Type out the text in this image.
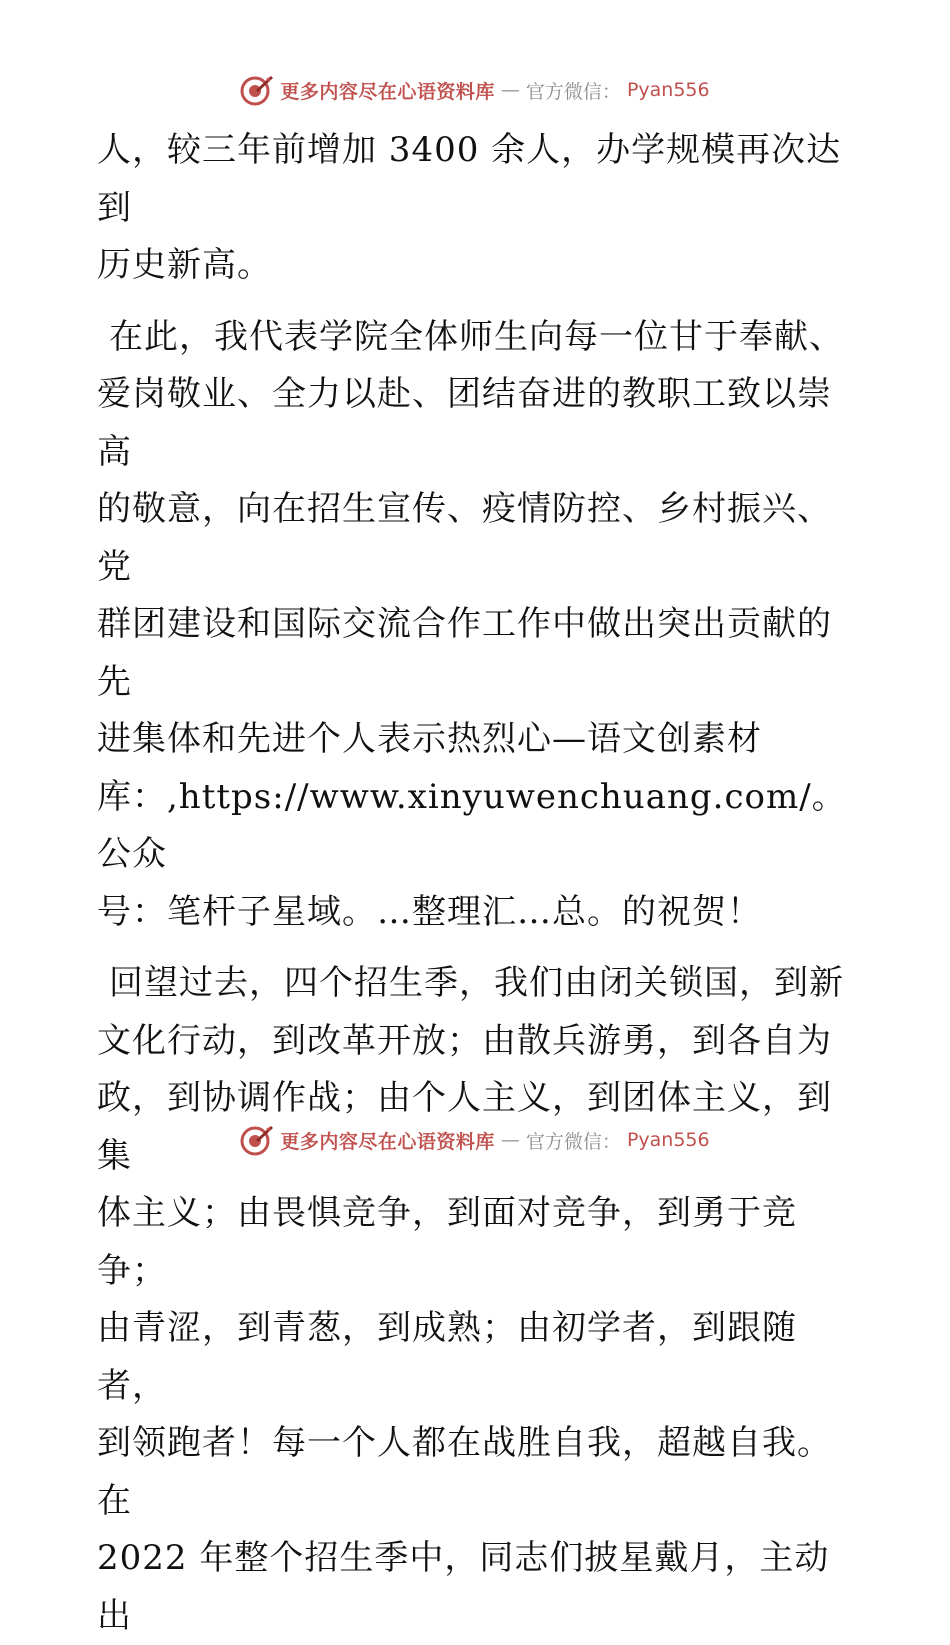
更多内容尽在心语资料库 — 官方微信： Pyan556

人，较三年前增加 3400 余人，办学规模再次达到
历史新高。

在此，我代表学院全体师生向每一位甘于奉献、
爱岗敬业、全力以赴、团结奋进的教职工致以崇高
的敬意，向在招生宣传、疫情防控、乡村振兴、党
群团建设和国际交流合作工作中做出突出贡献的先
进集体和先进个人表示热烈心—语文创素材
库：,https://www.xinyuwenchuang.com/。公众
号：笔杆子星域。…整理汇…总。的祝贺！

回望过去，四个招生季，我们由闭关锁国，到新
文化行动，到改革开放；由散兵游勇，到各自为
政，到协调作战；由个人主义，到团体主义，到集
体主义；由畏惧竞争，到面对竞争，到勇于竞争；
由青涩，到青葱，到成熟；由初学者，到跟随者，
到领跑者！每一个人都在战胜自我，超越自我。在
2022 年整个招生季中，同志们披星戴月，主动出

更多内容尽在心语资料库 — 官方微信： Pyan556
